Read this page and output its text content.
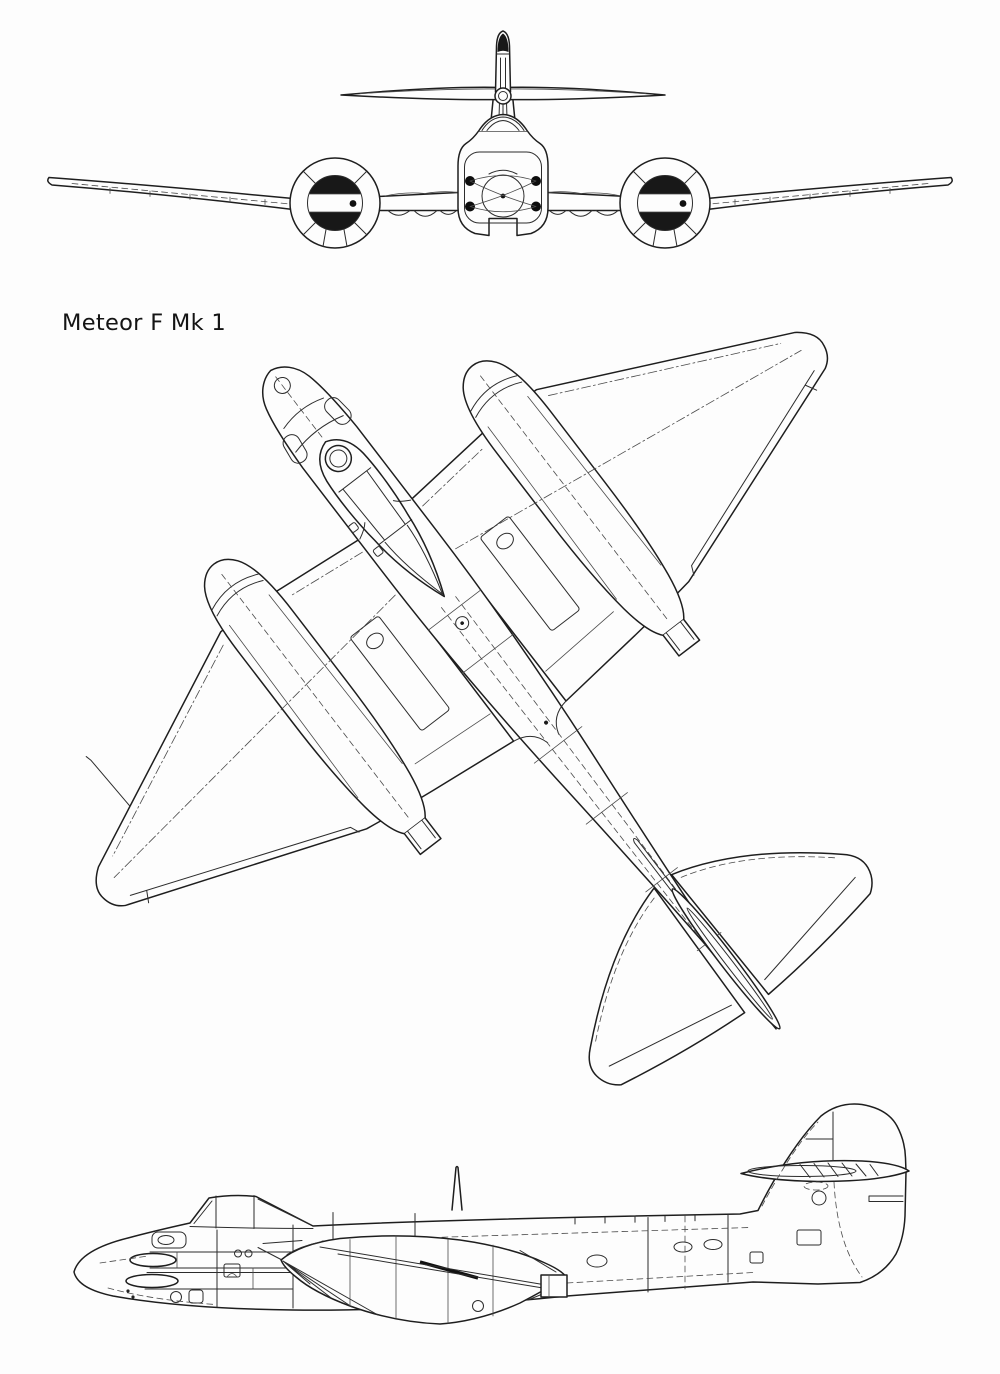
Meteor F Mk 1
